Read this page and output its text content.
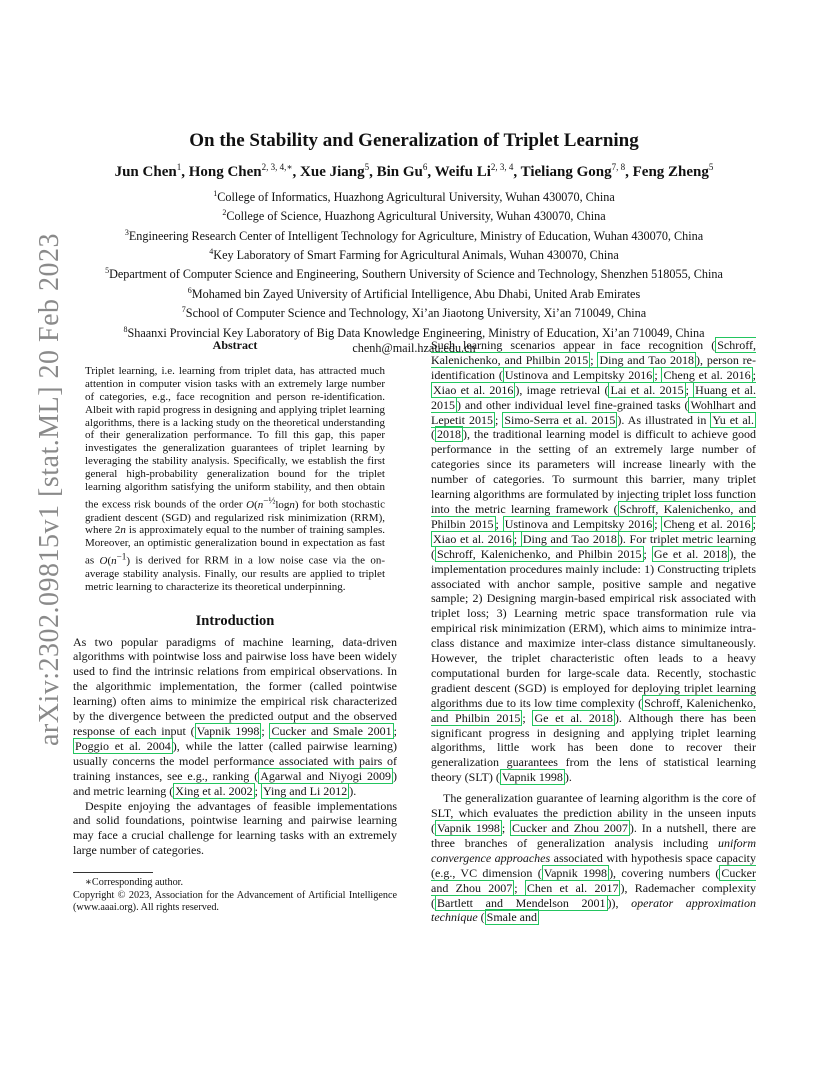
arXiv:2302.09815v1 [stat.ML] 20 Feb 2023
On the Stability and Generalization of Triplet Learning
Jun Chen$^1$, Hong Chen$^{2, 3, 4,∗}$, Xue Jiang$^5$, Bin Gu$^6$, Weifu Li$^{2, 3, 4}$, Tieliang Gong$^{7, 8}$, Feng Zheng$^5$
$^1$College of Informatics, Huazhong Agricultural University, Wuhan 430070, China
$^2$College of Science, Huazhong Agricultural University, Wuhan 430070, China
$^3$Engineering Research Center of Intelligent Technology for Agriculture, Ministry of Education, Wuhan 430070, China
$^4$Key Laboratory of Smart Farming for Agricultural Animals, Wuhan 430070, China
$^5$Department of Computer Science and Engineering, Southern University of Science and Technology, Shenzhen 518055, China
$^6$Mohamed bin Zayed University of Artificial Intelligence, Abu Dhabi, United Arab Emirates
$^7$School of Computer Science and Technology, Xi’an Jiaotong University, Xi’an 710049, China
$^8$Shaanxi Provincial Key Laboratory of Big Data Knowledge Engineering, Ministry of Education, Xi’an 710049, China
chenh@mail.hzau.edu.cn
Abstract
Triplet learning, i.e. learning from triplet data, has attracted much attention in computer vision tasks with an extremely large number of categories, e.g., face recognition and person re-identification. Albeit with rapid progress in designing and applying triplet learning algorithms, there is a lacking study on the theoretical understanding of their generalization performance. To fill this gap, this paper investigates the generalization guarantees of triplet learning by leveraging the stability analysis. Specifically, we establish the first general high-probability generalization bound for the triplet learning algorithm satisfying the uniform stability, and then obtain the excess risk bounds of the order $O(n^{-\frac{1}{2}}\log n)$ for both stochastic gradient descent (SGD) and regularized risk minimization (RRM), where 2n is approximately equal to the number of training samples. Moreover, an optimistic generalization bound in expectation as fast as $O(n^{-1})$ is derived for RRM in a low noise case via the on-average stability analysis. Finally, our results are applied to triplet metric learning to characterize its theoretical underpinning.
Introduction

As two popular paradigms of machine learning, data-driven algorithms with pointwise loss and pairwise loss have been widely used to find the intrinsic relations from empirical observations. In the algorithmic implementation, the former (called pointwise learning) often aims to minimize the empirical risk characterized by the divergence between the predicted output and the observed response of each input ( Vapnik 1998 ; Cucker and Smale 2001 ; Poggio et al. 2004 ), while the latter (called pairwise learning) usually concerns the model performance associated with pairs of training instances, see e.g., ranking ( Agarwal and Niyogi 2009 ) and metric learning ( Xing et al. 2002 ; Ying and Li 2012 ).

Despite enjoying the advantages of feasible implementations and solid foundations, pointwise learning and pairwise learning may face a crucial challenge for learning tasks with an extremely large number of categories.

∗Corresponding author.
Copyright © 2023, Association for the Advancement of Artificial Intelligence (www.aaai.org). All rights reserved.

Such learning scenarios appear in face recognition ( Schroff, Kalenichenko, and Philbin 2015 ; Ding and Tao 2018 ), person re-identification ( Ustinova and Lempitsky 2016 ; Cheng et al. 2016 ; Xiao et al. 2016 ), image retrieval ( Lai et al. 2015 ; Huang et al. 2015 ) and other individual level fine-grained tasks ( Wohlhart and Lepetit 2015 ; Simo-Serra et al. 2015 ). As illustrated in Yu et al. ( 2018 ), the traditional learning model is difficult to achieve good performance in the setting of an extremely large number of categories since its parameters will increase linearly with the number of categories. To surmount this barrier, many triplet learning algorithms are formulated by injecting triplet loss function into the metric learning framework ( Schroff, Kalenichenko, and Philbin 2015 ; Ustinova and Lempitsky 2016 ; Cheng et al. 2016 ; Xiao et al. 2016 ; Ding and Tao 2018 ). For triplet metric learning ( Schroff, Kalenichenko, and Philbin 2015 ; Ge et al. 2018 ), the implementation procedures mainly include: 1) Constructing triplets associated with anchor sample, positive sample and negative sample; 2) Designing margin-based empirical risk associated with triplet loss; 3) Learning metric space transformation rule via empirical risk minimization (ERM), which aims to minimize intra-class distance and maximize inter-class distance simultaneously. However, the triplet characteristic often leads to a heavy computational burden for large-scale data. Recently, stochastic gradient descent (SGD) is employed for deploying triplet learning algorithms due to its low time complexity ( Schroff, Kalenichenko, and Philbin 2015 ; Ge et al. 2018 ). Although there has been significant progress in designing and applying triplet learning algorithms, little work has been done to recover their generalization guarantees from the lens of statistical learning theory (SLT) ( Vapnik 1998 ).

The generalization guarantee of learning algorithm is the core of SLT, which evaluates the prediction ability in the unseen inputs ( Vapnik 1998 ; Cucker and Zhou 2007 ). In a nutshell, there are three branches of generalization analysis including uniform convergence approaches associated with hypothesis space capacity (e.g., VC dimension ( Vapnik 1998 ), covering numbers ( Cucker and Zhou 2007 ; Chen et al. 2017 ), Rademacher complexity ( Bartlett and Mendelson 2001 )), operator approximation technique ( Smale and
